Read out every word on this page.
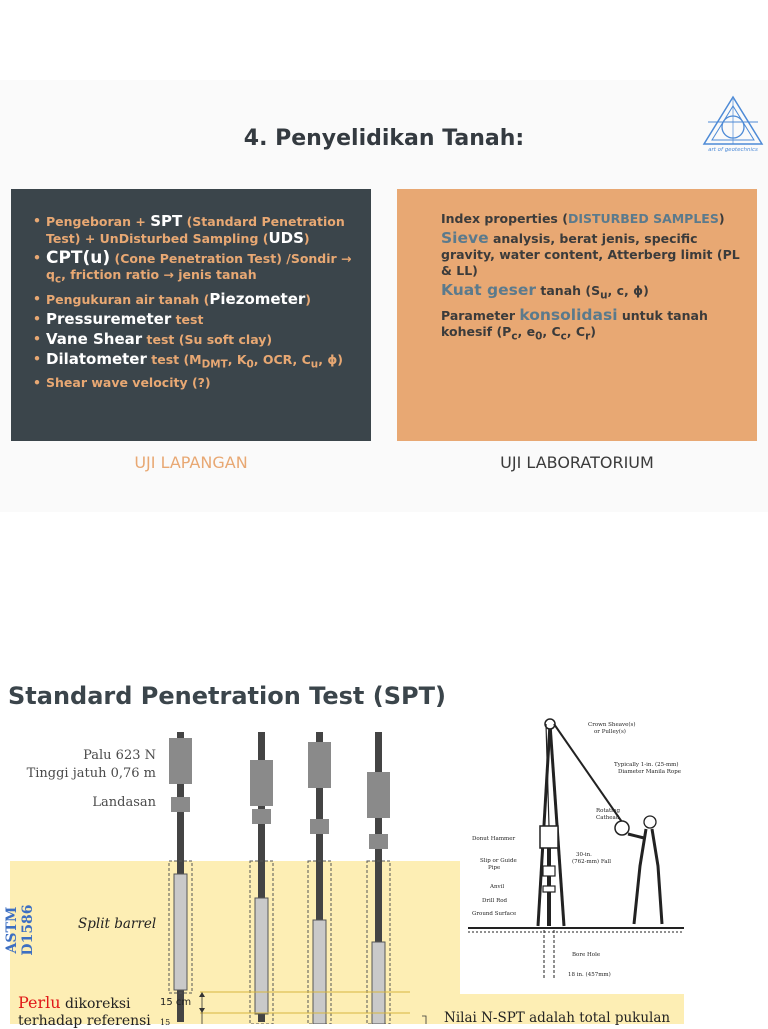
4. Penyelidikan Tanah:	art of geotechnics
• Pengeboran + SPT (Standard Penetration Test) + UnDisturbed Sampling (UDS)
• CPT(u) (Cone Penetration Test) /Sondir → $q_c$, friction ratio → jenis tanah
• Pengukuran air tanah (Piezometer)
• Pressuremeter test
• Vane Shear test (Su soft clay)
• Dilatometer test ($M_{DMT}$, $K_0$, OCR, $C_u$, ϕ)
• Shear wave velocity (?)

Index properties (DISTURBED SAMPLES)

Sieve analysis, berat jenis, specific gravity, water content, Atterberg limit (PL & LL)

Kuat geser tanah ($S_u$, c, ϕ)

Parameter konsolidasi untuk tanah kohesif ($P_c$, $e_0$, $C_c$, $C_r$)

UJI LAPANGAN	UJI LABORATORIUM
Standard Penetration Test (SPT)
Palu 623 N
Tinggi jatuh 0,76 m
Landasan
ASTM D1586	Split barrel
15 cm
15
Perlu dikoreksi
terhadap referensi	Nilai N-SPT adalah total pukulan
Crown Sheave(s)
or Pulley(s)
Typically 1-in. (25-mm)
Diameter Manila Rope
Rotating
Cathead
Donut Hammer
Slip or Guide
Pipe
Anvil
Drill Rod
Ground Surface
30-in.
(762-mm) Fall
Bore Hole
18 in. (457mm)
